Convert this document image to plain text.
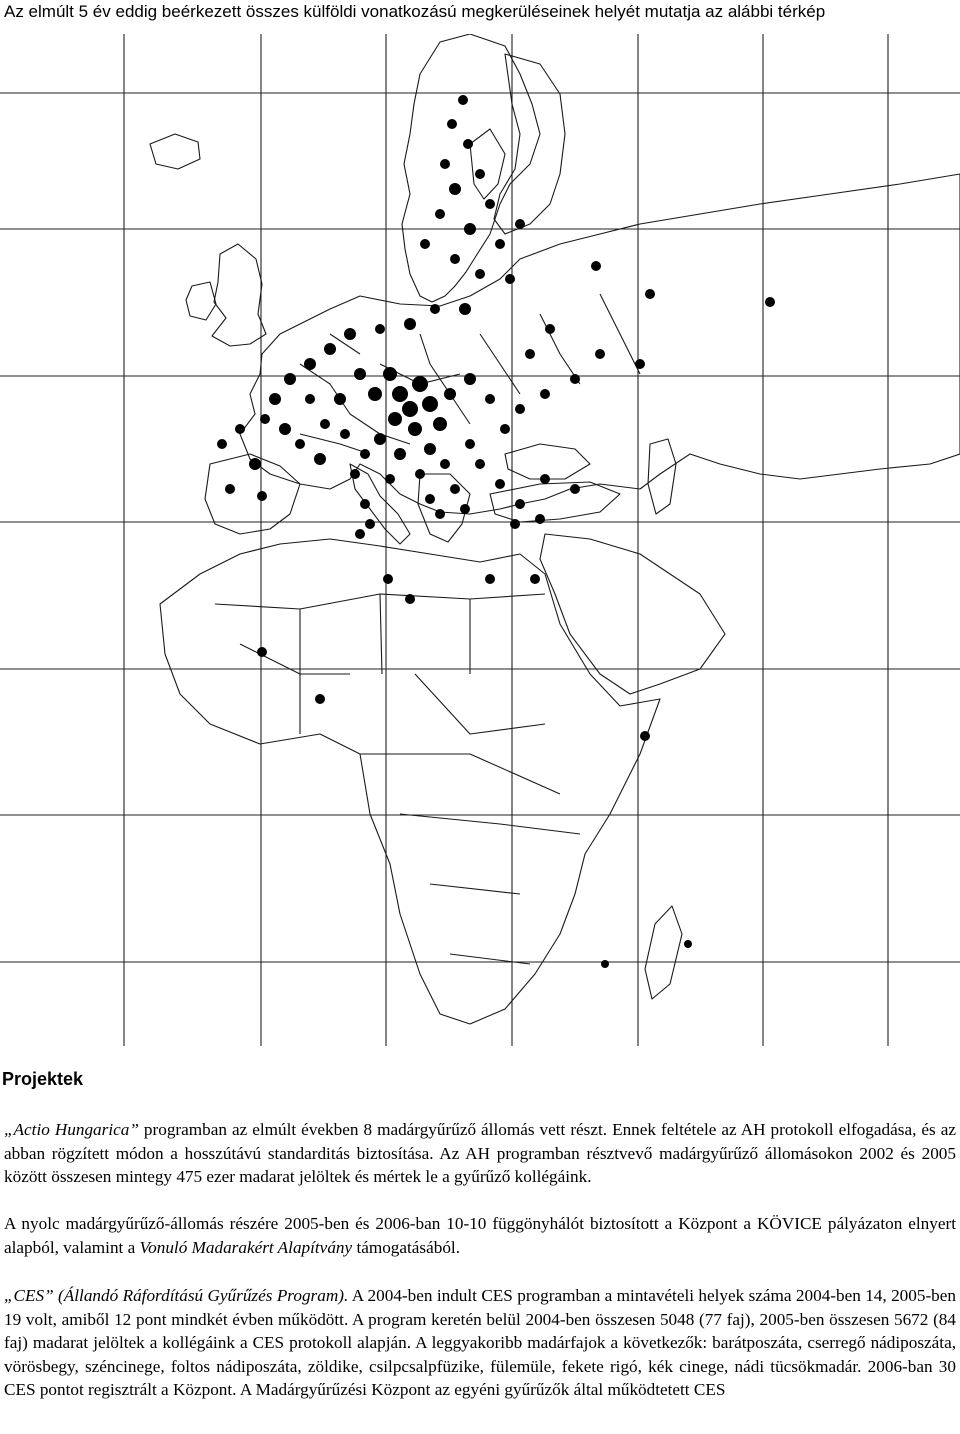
Az elmúlt 5 év eddig beérkezett összes külföldi vonatkozású megkerüléseinek helyét mutatja az alábbi térkép
Projektek

„Actio Hungarica” programban az elmúlt években 8 madárgyűrűző állomás vett részt. Ennek feltétele az AH protokoll elfogadása, és az abban rögzített módon a hosszútávú standarditás biztosítása. Az AH programban résztvevő madárgyűrűző állomásokon 2002 és 2005 között összesen mintegy 475 ezer madarat jelöltek és mértek le a gyűrűző kollégáink.

A nyolc madárgyűrűző-állomás részére 2005-ben és 2006-ban 10-10 függönyhálót biztosított a Központ a KÖVICE pályázaton elnyert alapból, valamint a Vonuló Madarakért Alapítvány támogatásából.

„CES” (Állandó Ráfordítású Gyűrűzés Program). A 2004-ben indult CES programban a mintavételi helyek száma 2004-ben 14, 2005-ben 19 volt, amiből 12 pont mindkét évben működött. A program keretén belül 2004-ben összesen 5048 (77 faj), 2005-ben összesen 5672 (84 faj) madarat jelöltek a kollégáink a CES protokoll alapján. A leggyakoribb madárfajok a következők: barátposzáta, cserregő nádiposzáta, vörösbegy, széncinege, foltos nádiposzáta, zöldike, csilpcsalpfüzike, fülemüle, fekete rigó, kék cinege, nádi tücsökmadár. 2006-ban 30 CES pontot regisztrált a Központ. A Madárgyűrűzési Központ az egyéni gyűrűzők által működtetett CES
